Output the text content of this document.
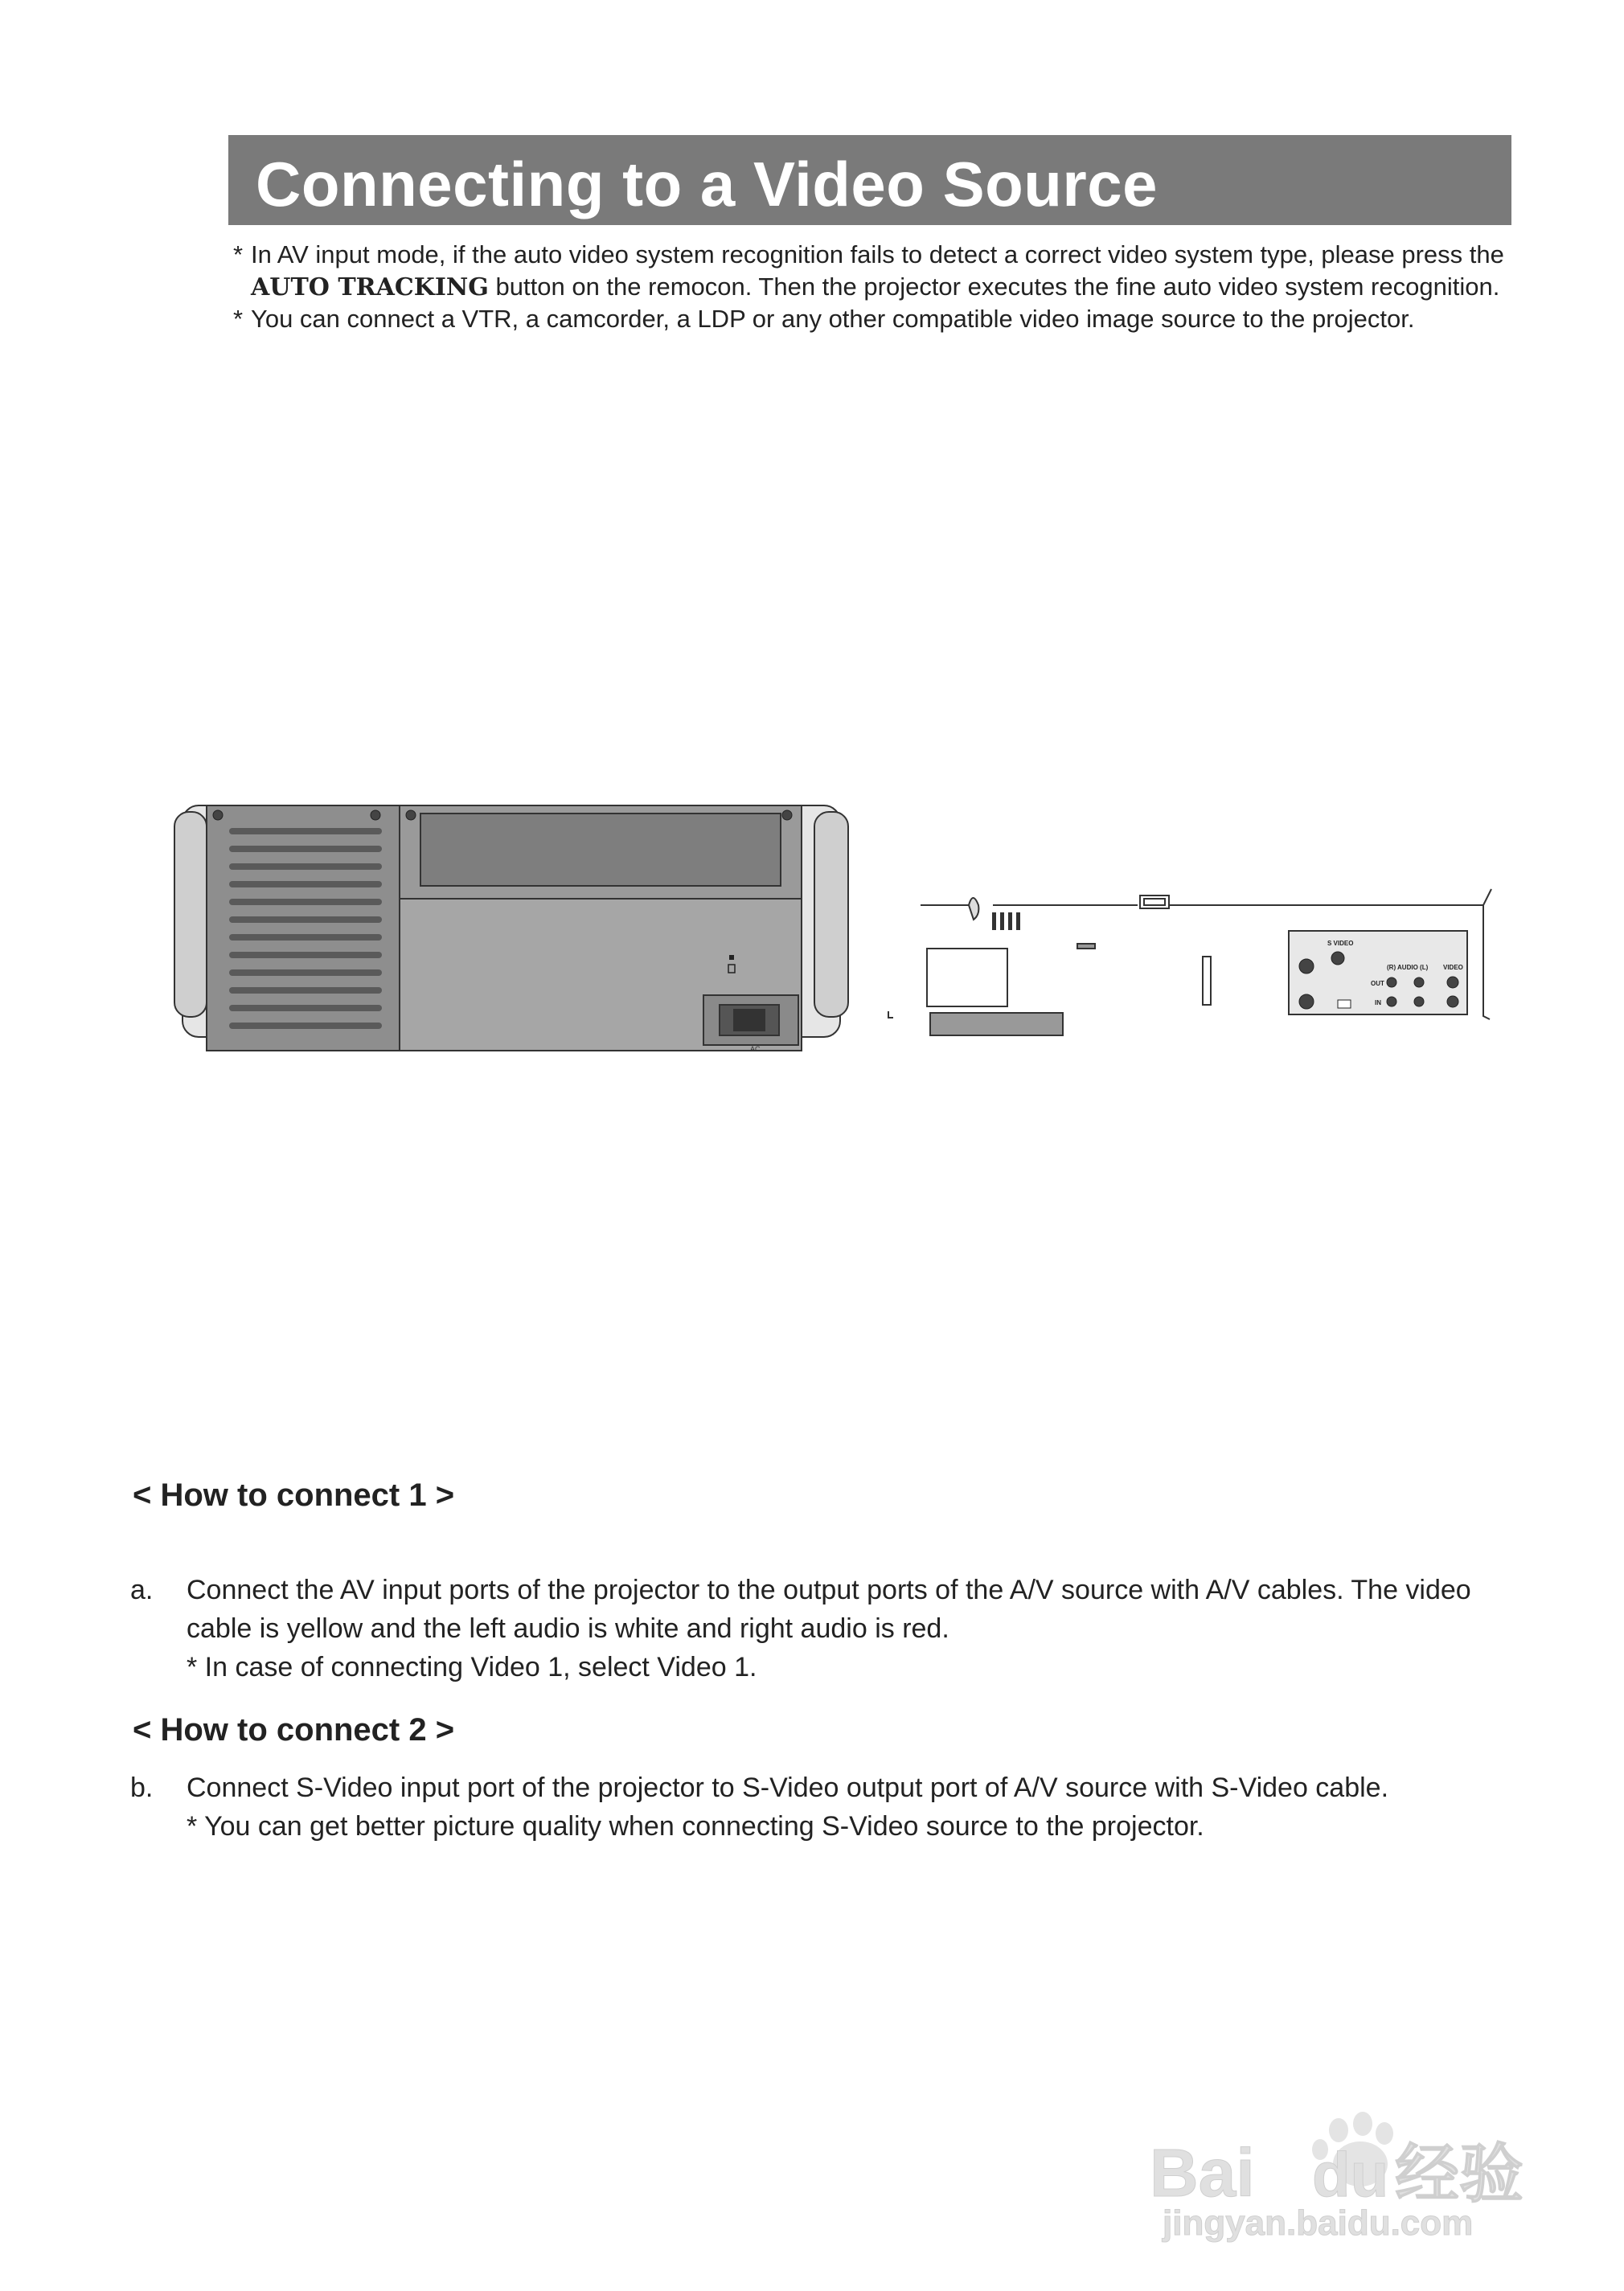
Connecting to a Video Source
* In AV input mode, if the auto video system recognition fails to detect a correct video system type, please press the
AUTO TRACKING button on the remocon. Then the projector executes the fine auto video system recognition.
* You can connect a VTR, a camcorder, a LDP or any other compatible video image source to the projector.
AC
S VIDEO
(R) AUDIO (L) VIDEO
OUT
IN
< How to connect 1 >
a. Connect the AV input ports of the projector to the output ports of the A/V source with A/V cables. The video
cable is yellow and the left audio is white and right audio is red.
* In case of connecting Video 1, select Video 1.
< How to connect 2 >
b. Connect S-Video input port of the projector to S-Video output port of A/V source with S-Video cable.
* You can get better picture quality when connecting S-Video source to the projector.
Bai du 经验
jingyan.baidu.com
